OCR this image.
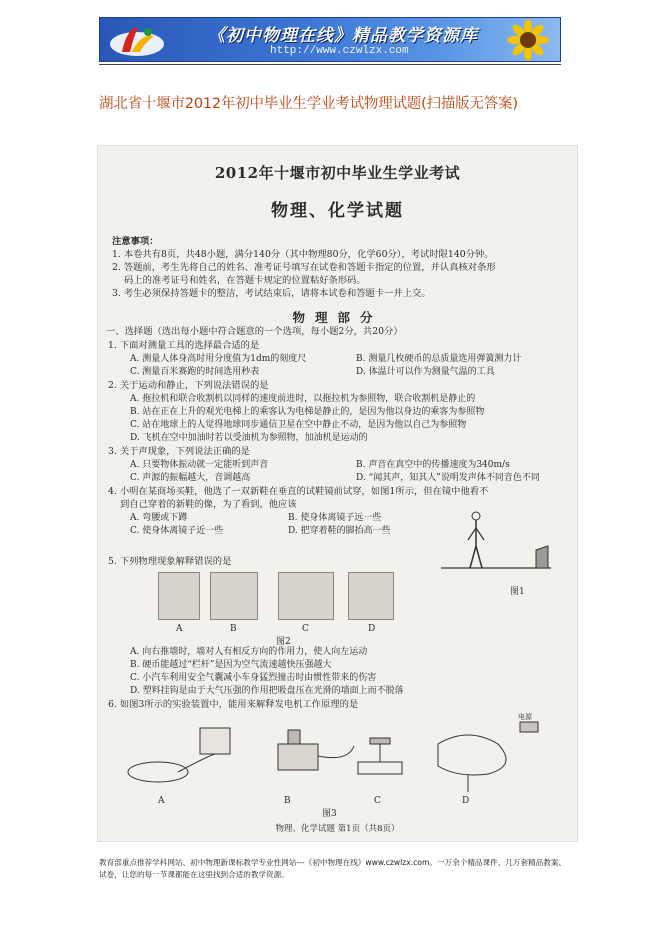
《初中物理在线》精品教学资源库
http://www.czwlzx.com
湖北省十堰市2012年初中毕业生学业考试物理试题(扫描版无答案)
2012年十堰市初中毕业生学业考试
物理、化学试题
注意事项：
1. 本卷共有8页，共48小题，满分140分（其中物理80分，化学60分），考试时限140分钟。
2. 答题前，考生先将自己的姓名、准考证号填写在试卷和答题卡指定的位置，并认真核对条形
码上的准考证号和姓名，在答题卡规定的位置粘好条形码。
3. 考生必须保持答题卡的整洁，考试结束后，请将本试卷和答题卡一并上交。
物理部分
一、选择题（选出每小题中符合题意的一个选项，每小题2分，共20分）
1. 下面对测量工具的选择最合适的是
A. 测量人体身高时用分度值为1dm的刻度尺	B. 测量几枚硬币的总质量选用弹簧测力计
C. 测量百米赛跑的时间选用秒表	D. 体温计可以作为测量气温的工具
2. 关于运动和静止，下列说法错误的是
A. 拖拉机和联合收割机以同样的速度前进时，以拖拉机为参照物，联合收割机是静止的
B. 站在正在上升的观光电梯上的乘客认为电梯是静止的，是因为他以身边的乘客为参照物
C. 站在地球上的人觉得地球同步通信卫星在空中静止不动，是因为他以自己为参照物
D. 飞机在空中加油时若以受油机为参照物，加油机是运动的
3. 关于声现象，下列说法正确的是
A. 只要物体振动就一定能听到声音	B. 声音在真空中的传播速度为340m/s
C. 声源的振幅越大，音调越高	D. “闻其声，知其人”说明发声体不同音色不同
4. 小明在某商场买鞋，他选了一双新鞋在垂直的试鞋镜前试穿，如图1所示，但在镜中他看不
到自己穿着的新鞋的像，为了看到，他应该
A. 弯腰或下蹲	B. 使身体离镜子远一些
C. 使身体离镜子近一些	D. 把穿着鞋的脚抬高一些
图1
5. 下列物理现象解释错误的是
A	B	C	D
图2
A. 向右推墙时，墙对人有相反方向的作用力，使人向左运动
B. 硬币能越过“栏杆”是因为空气流速越快压强越大
C. 小汽车利用安全气囊减小车身猛烈撞击时由惯性带来的伤害
D. 塑料挂钩是由于大气压强的作用把吸盘压在光滑的墙面上而不脱落
6. 如图3所示的实验装置中，能用来解释发电机工作原理的是
电源
A	B	C	D
图3
物理、化学试题 第1页（共8页）
教育部重点推荐学科网站、初中物理新课标教学专业性网站---《初中物理在线》www.czwlzx.com。一万余个精品课件、几万套精品教案、试卷，让您的每一节课都能在这里找到合适的教学资源。
